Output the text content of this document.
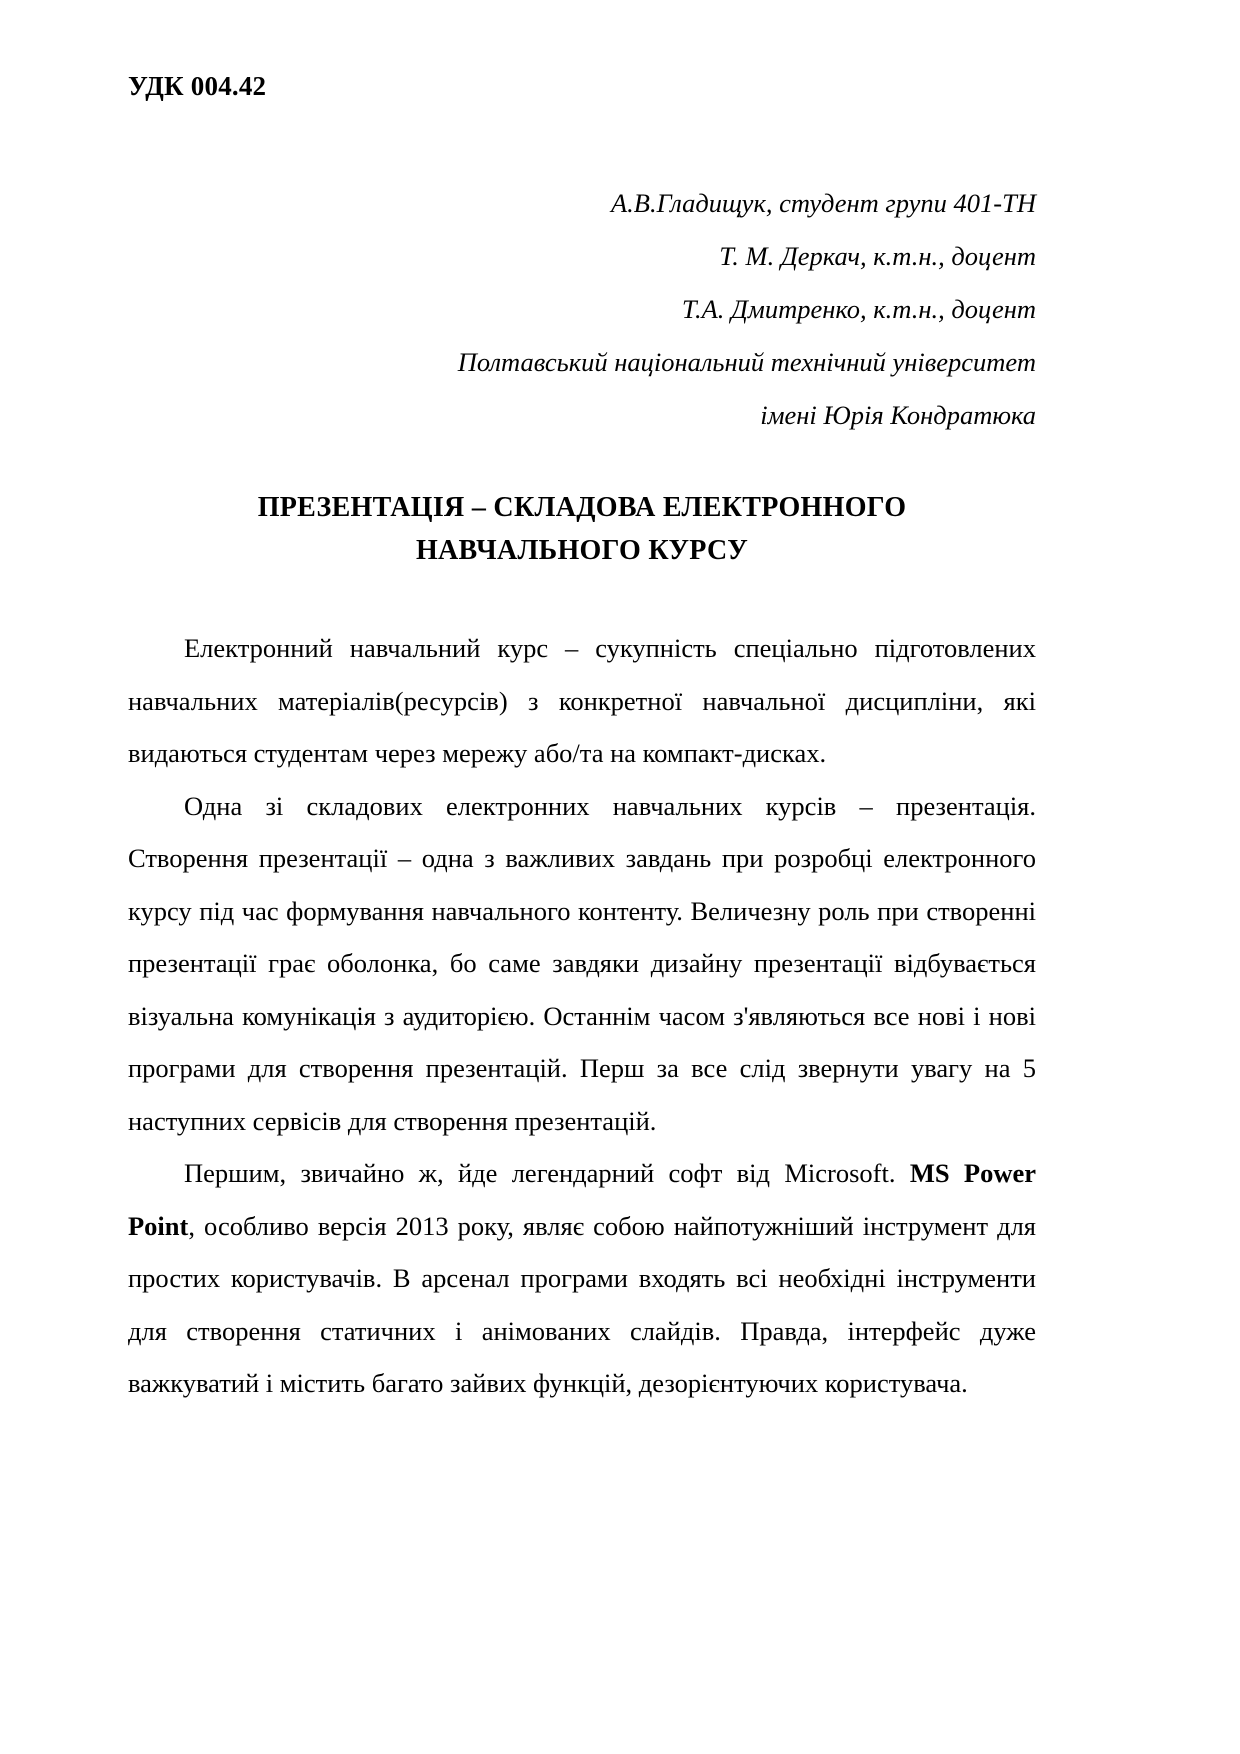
УДК 004.42
А.В.Гладищук, студент групи 401-ТН
Т. М. Деркач, к.т.н., доцент
Т.А. Дмитренко, к.т.н., доцент
Полтавський національний технічний університет
імені Юрія Кондратюка
ПРЕЗЕНТАЦІЯ – СКЛАДОВА ЕЛЕКТРОННОГО
НАВЧАЛЬНОГО КУРСУ

Електронний навчальний курс – сукупність спеціально підготовлених навчальних матеріалів(ресурсів) з конкретної навчальної дисципліни, які видаються студентам через мережу або/та на компакт-дисках.

Одна зі складових електронних навчальних курсів – презентація. Створення презентації – одна з важливих завдань при розробці електронного курсу під час формування навчального контенту. Величезну роль при створенні презентації грає оболонка, бо саме завдяки дизайну презентації відбувається візуальна комунікація з аудиторією. Останнім часом з'являються все нові і нові програми для створення презентацій. Перш за все слід звернути увагу на 5 наступних сервісів для створення презентацій.

Першим, звичайно ж, йде легендарний софт від Microsoft. MS Power Point, особливо версія 2013 року, являє собою найпотужніший інструмент для простих користувачів. В арсенал програми входять всі необхідні інструменти для створення статичних і анімованих слайдів. Правда, інтерфейс дуже важкуватий і містить багато зайвих функцій, дезорієнтуючих користувача.
